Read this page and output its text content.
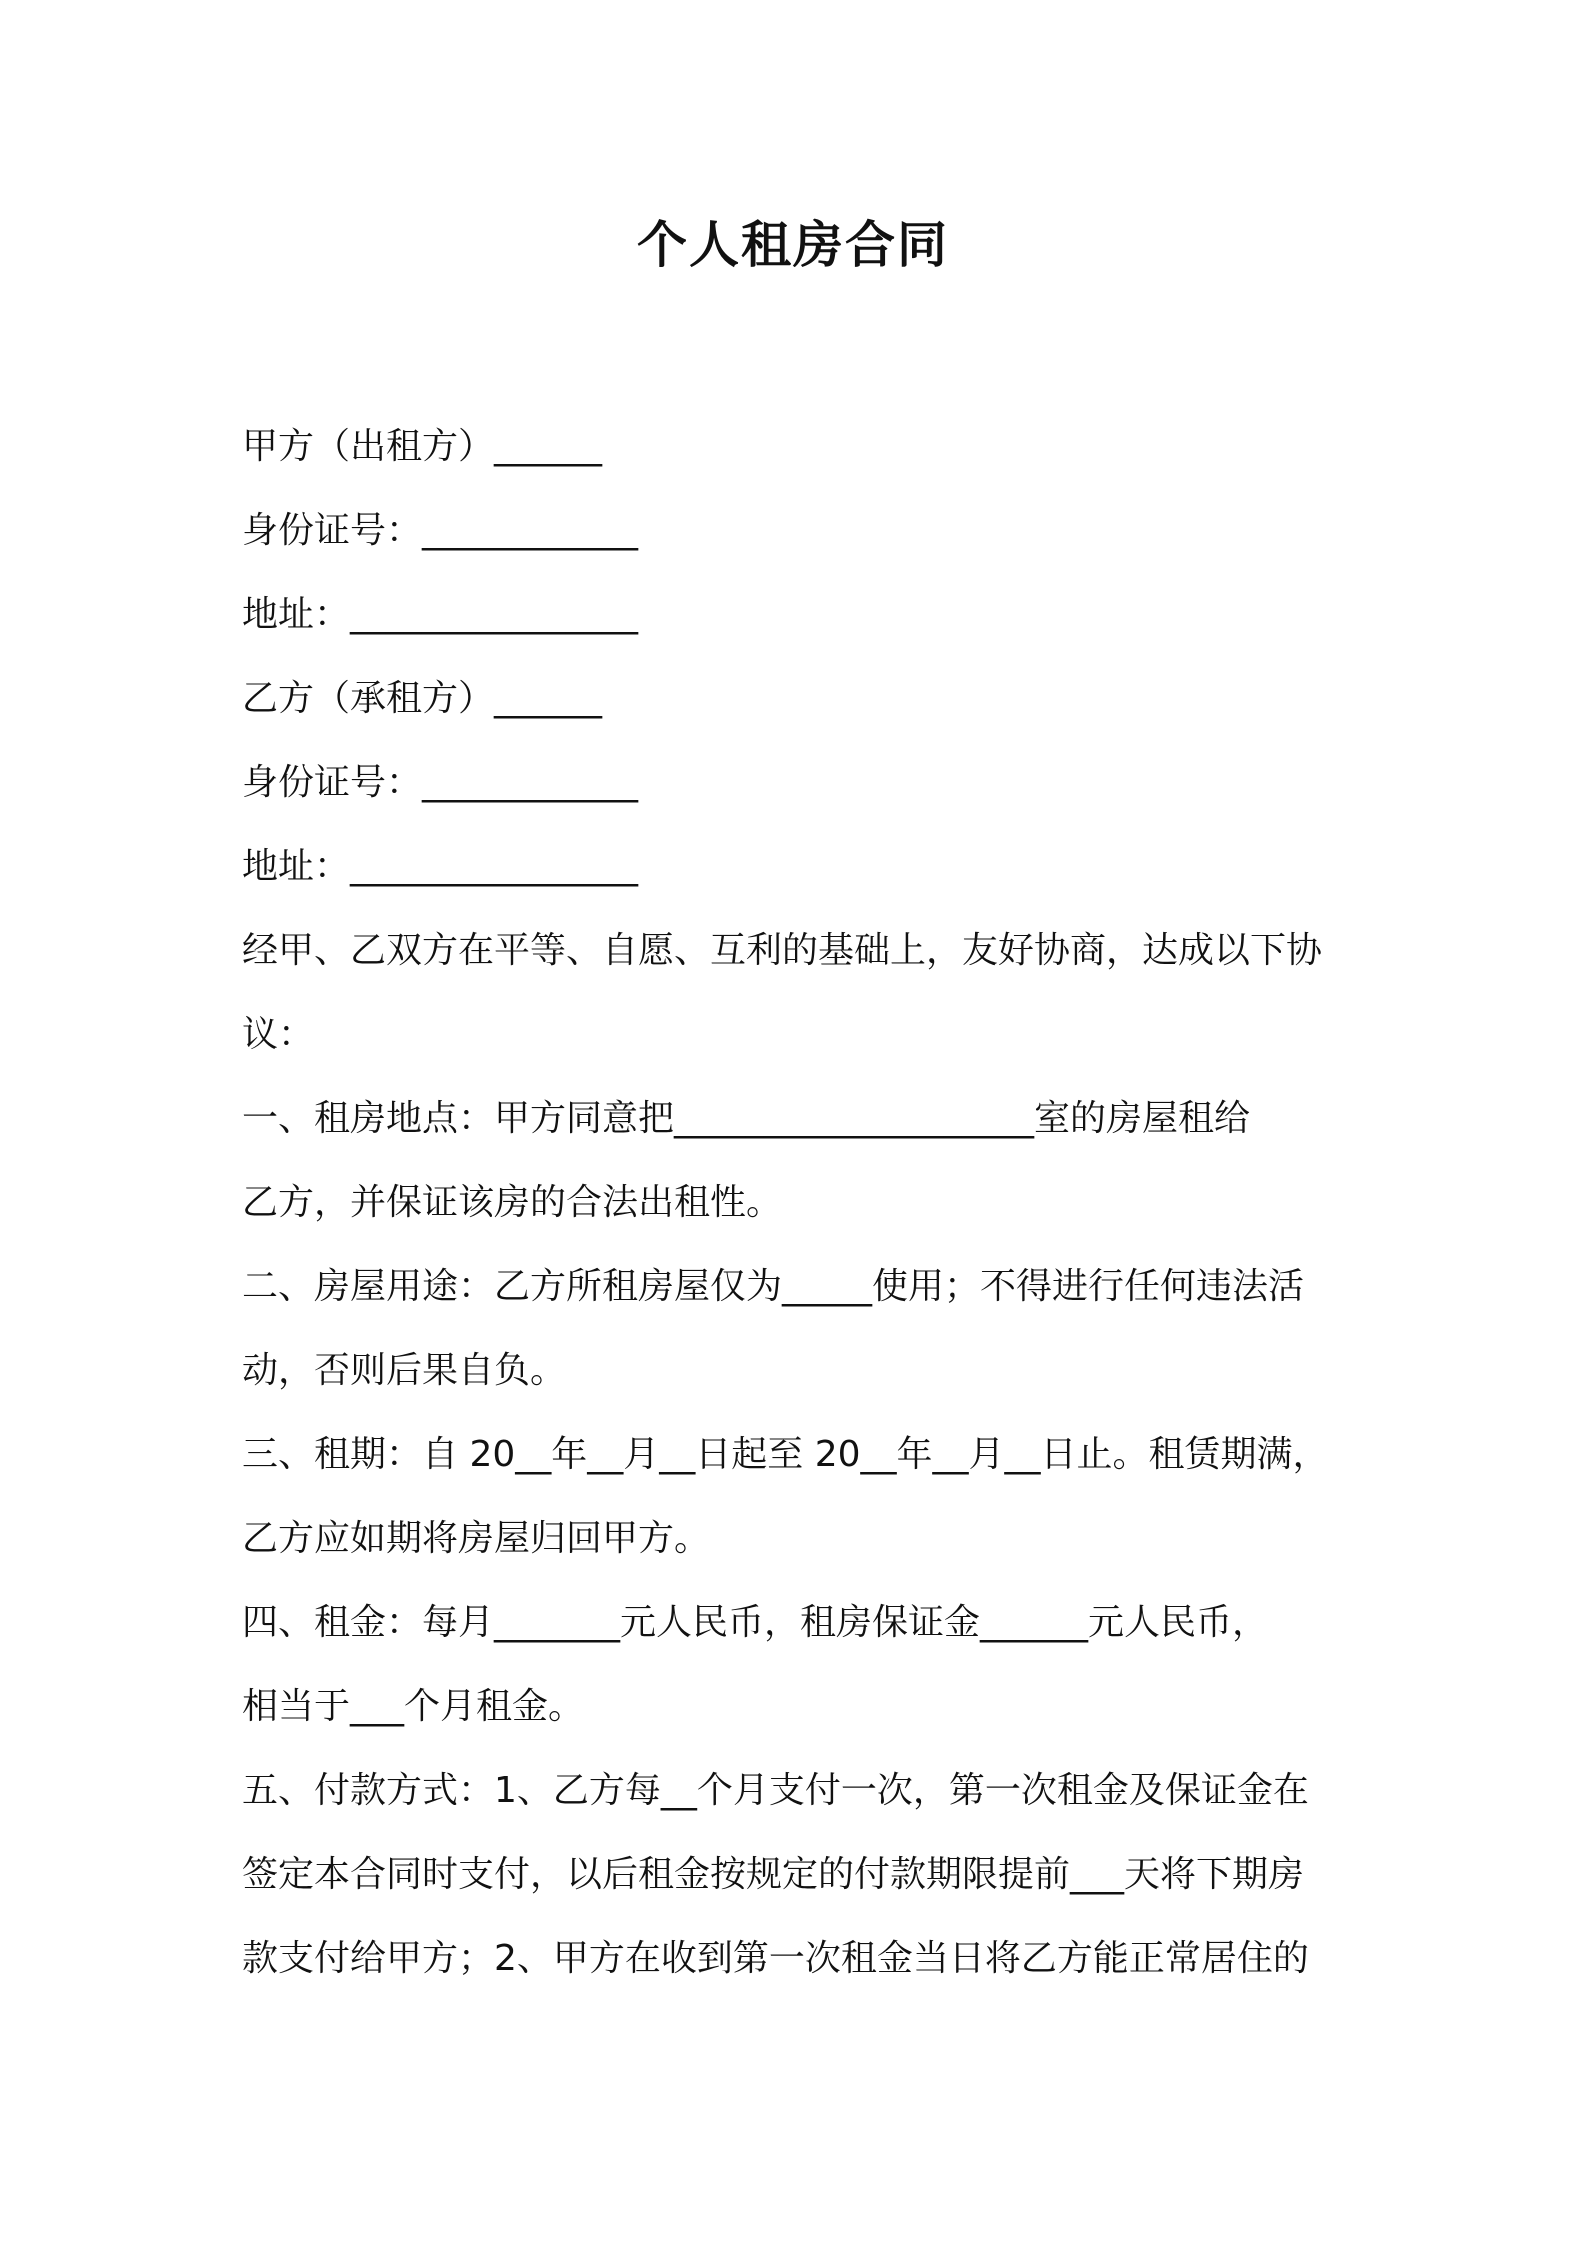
个人租房合同
甲方（出租方）______
身份证号：____________
地址：________________
乙方（承租方）______
身份证号：____________
地址：________________
经甲、乙双方在平等、自愿、互利的基础上，友好协商，达成以下协
议：
一、租房地点：甲方同意把____________________室的房屋租给
乙方，并保证该房的合法出租性。
二、房屋用途：乙方所租房屋仅为_____使用；不得进行任何违法活
动，否则后果自负。
三、租期：自 20__年__月__日起至 20__年__月__日止。租赁期满，
乙方应如期将房屋归回甲方。
四、租金：每月_______元人民币，租房保证金______元人民币，
相当于___个月租金。
五、付款方式：1、乙方每__个月支付一次，第一次租金及保证金在
签定本合同时支付，以后租金按规定的付款期限提前___天将下期房
款支付给甲方；2、甲方在收到第一次租金当日将乙方能正常居住的
